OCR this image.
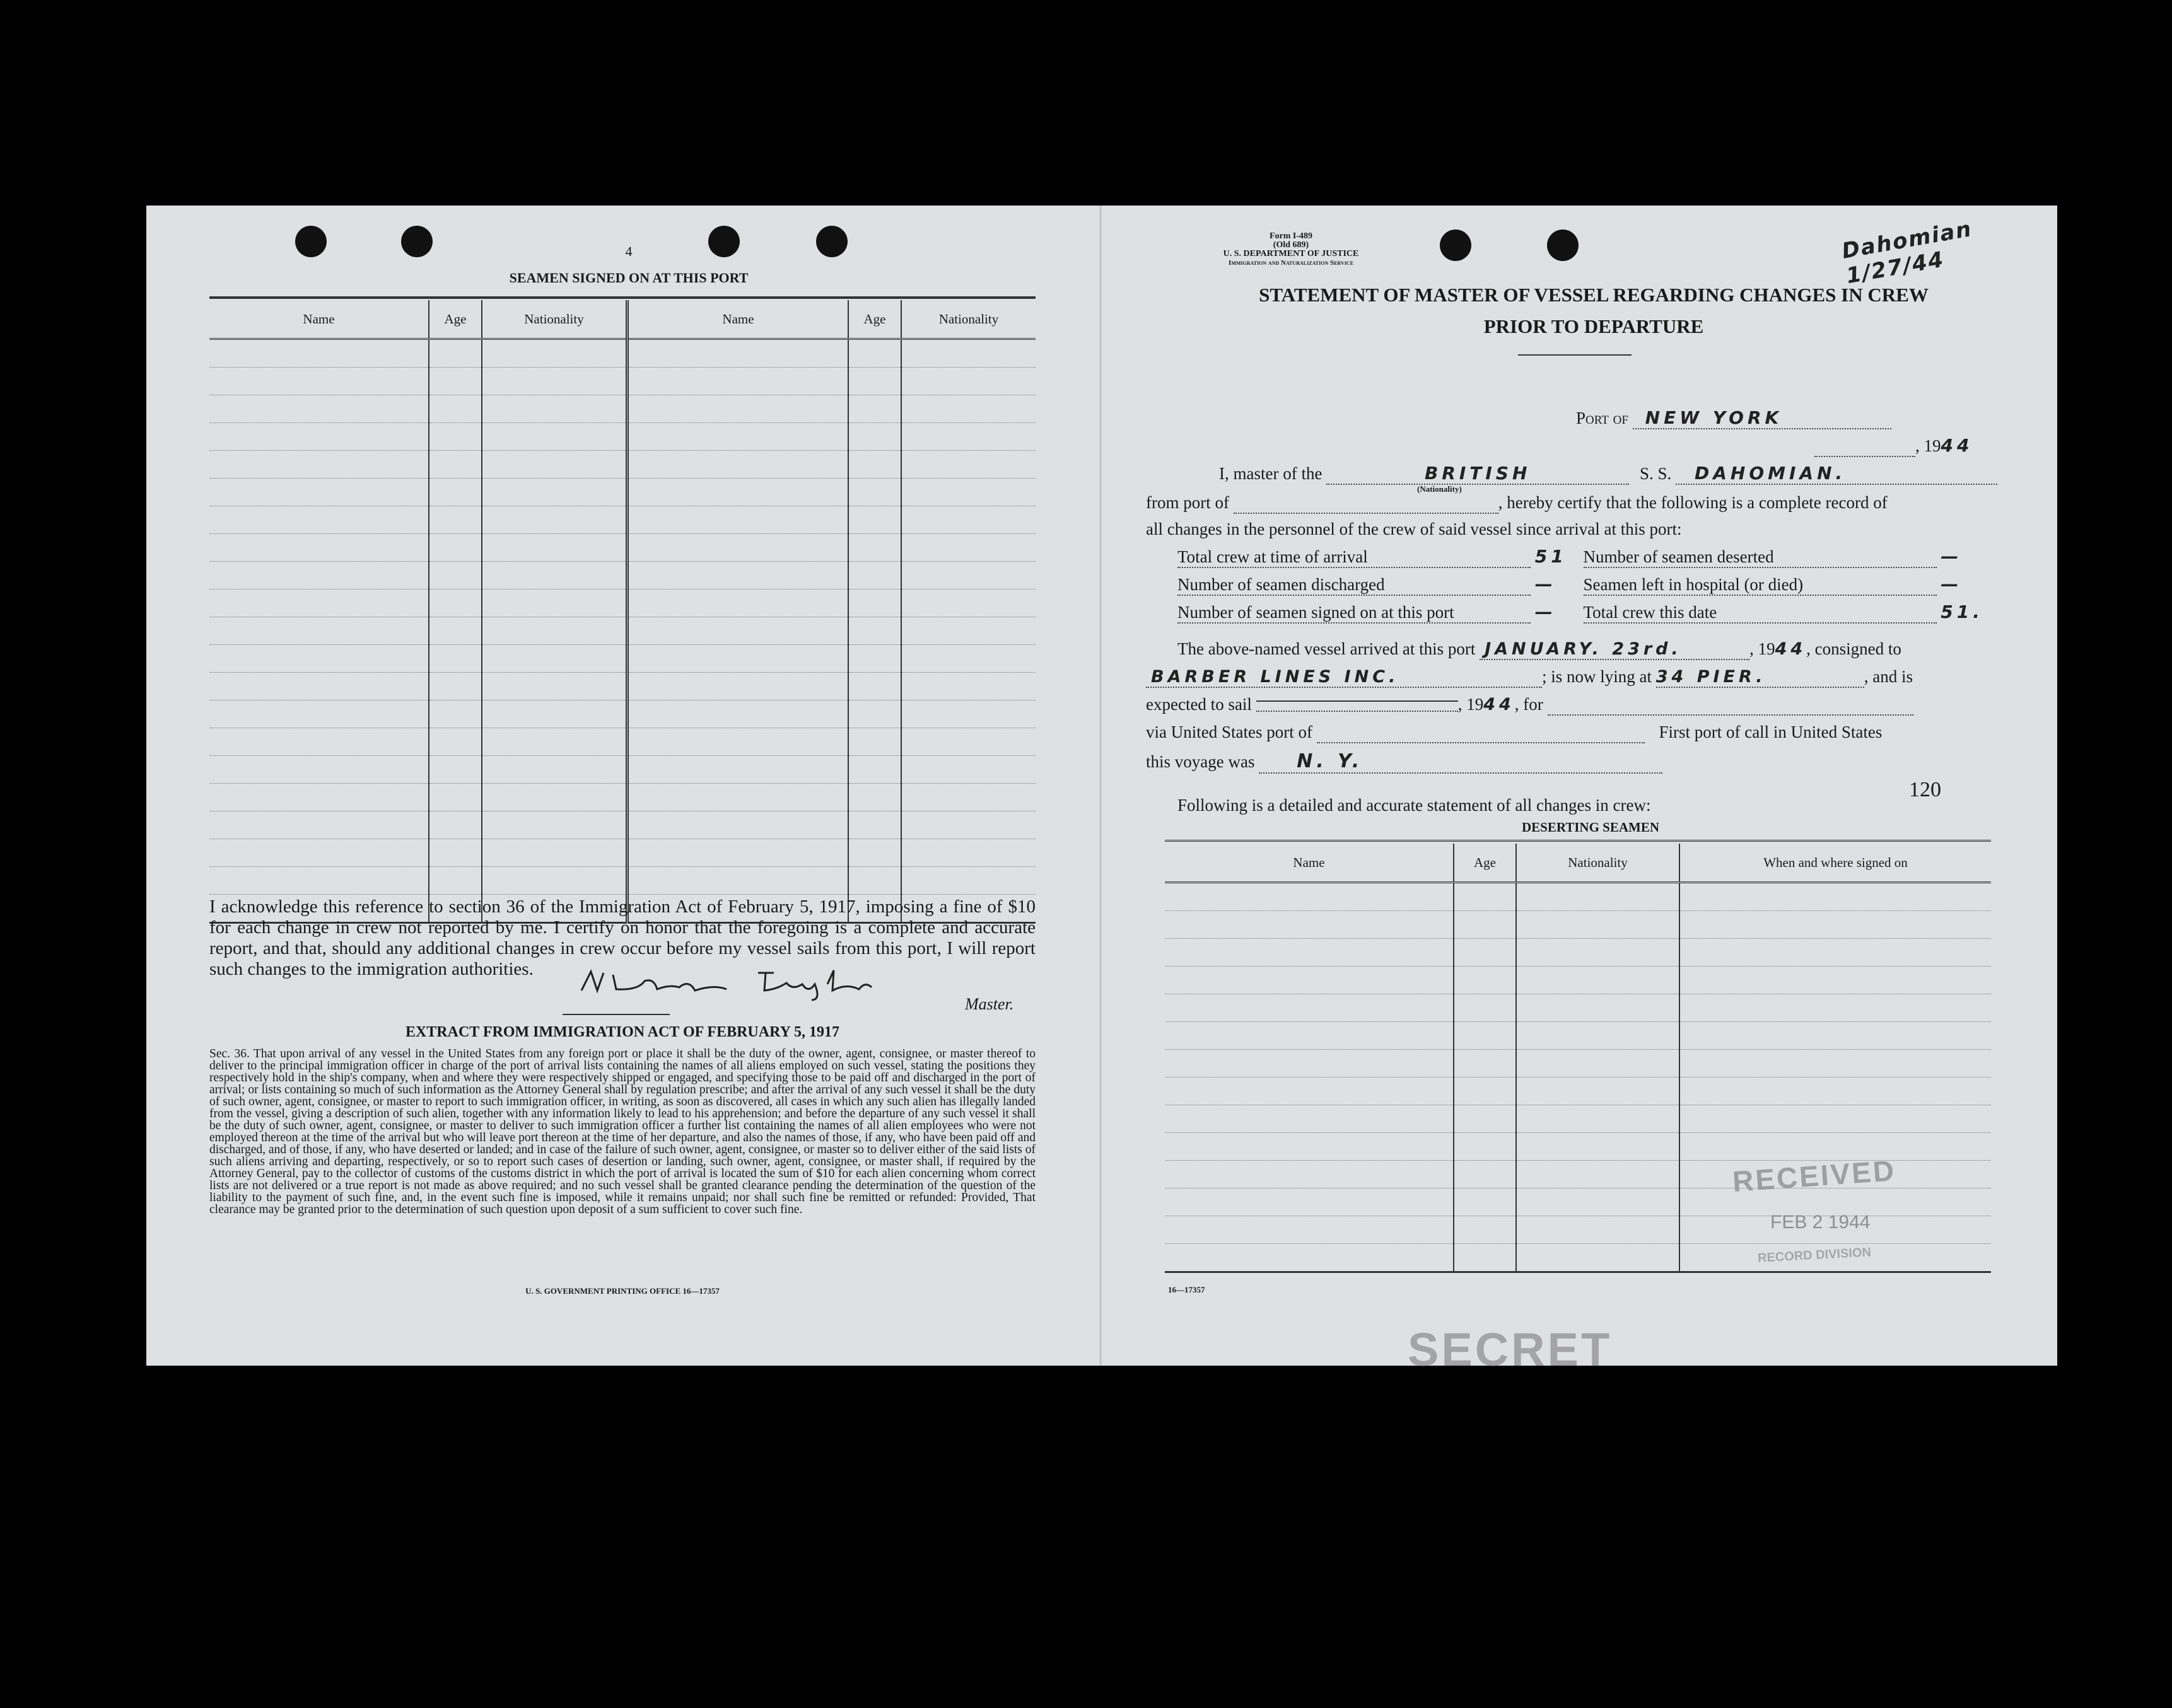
4
SEAMEN SIGNED ON AT THIS PORT
Name	Age	Nationality	Name	Age	Nationality

I acknowledge this reference to section 36 of the Immigration Act of February 5, 1917, imposing a fine of $10 for each change in crew not reported by me. I certify on honor that the foregoing is a complete and accurate report, and that, should any additional changes in crew occur before my vessel sails from this port, I will report such changes to the immigration authorities.
Master.
EXTRACT FROM IMMIGRATION ACT OF FEBRUARY 5, 1917
Sec. 36. That upon arrival of any vessel in the United States from any foreign port or place it shall be the duty of the owner, agent, consignee, or master thereof to deliver to the principal immigration officer in charge of the port of arrival lists containing the names of all aliens employed on such vessel, stating the positions they respectively hold in the ship's company, when and where they were respectively shipped or engaged, and specifying those to be paid off and discharged in the port of arrival; or lists containing so much of such information as the Attorney General shall by regulation prescribe; and after the arrival of any such vessel it shall be the duty of such owner, agent, consignee, or master to report to such immigration officer, in writing, as soon as discovered, all cases in which any such alien has illegally landed from the vessel, giving a description of such alien, together with any information likely to lead to his apprehension; and before the departure of any such vessel it shall be the duty of such owner, agent, consignee, or master to deliver to such immigration officer a further list containing the names of all alien employees who were not employed thereon at the time of the arrival but who will leave port thereon at the time of her departure, and also the names of those, if any, who have been paid off and discharged, and of those, if any, who have deserted or landed; and in case of the failure of such owner, agent, consignee, or master so to deliver either of the said lists of such aliens arriving and departing, respectively, or so to report such cases of desertion or landing, such owner, agent, consignee, or master shall, if required by the Attorney General, pay to the collector of customs of the customs district in which the port of arrival is located the sum of $10 for each alien concerning whom correct lists are not delivered or a true report is not made as above required; and no such vessel shall be granted clearance pending the determination of the question of the liability to the payment of such fine, and, in the event such fine is imposed, while it remains unpaid; nor shall such fine be remitted or refunded: Provided, That clearance may be granted prior to the determination of such question upon deposit of a sum sufficient to cover such fine.
U. S. GOVERNMENT PRINTING OFFICE 16—17357
Form I-489
(Old 689)
U. S. DEPARTMENT OF JUSTICE
Immigration and Naturalization Service	Dahomian 1/27/44
STATEMENT OF MASTER OF VESSEL REGARDING CHANGES IN CREW
PRIOR TO DEPARTURE
Port of NEW YORK
, 1944
I, master of the	BRITISH	S. S. DAHOMIAN.
(Nationality)
from port of	, hereby certify that the following is a complete record of
all changes in the personnel of the crew of said vessel since arrival at this port:
Total crew at time of arrival	51 Number of seamen deserted	—
Number of seamen discharged	— Seamen left in hospital (or died)	—
Number of seamen signed on at this port	— Total crew this date	51.
The above-named vessel arrived at this port JANUARY. 23rd.	, 1944, consigned to
BARBER LINES INC.	; is now lying at 34 PIER.	, and is
expected to sail	, 1944, for
via United States port of	First port of call in United States
this voyage was N. Y.
120
Following is a detailed and accurate statement of all changes in crew:
DESERTING SEAMEN
Name	Age	Nationality	When and where signed on

RECEIVED
FEB 2 1944
RECORD DIVISION
SECRET
16—17357
